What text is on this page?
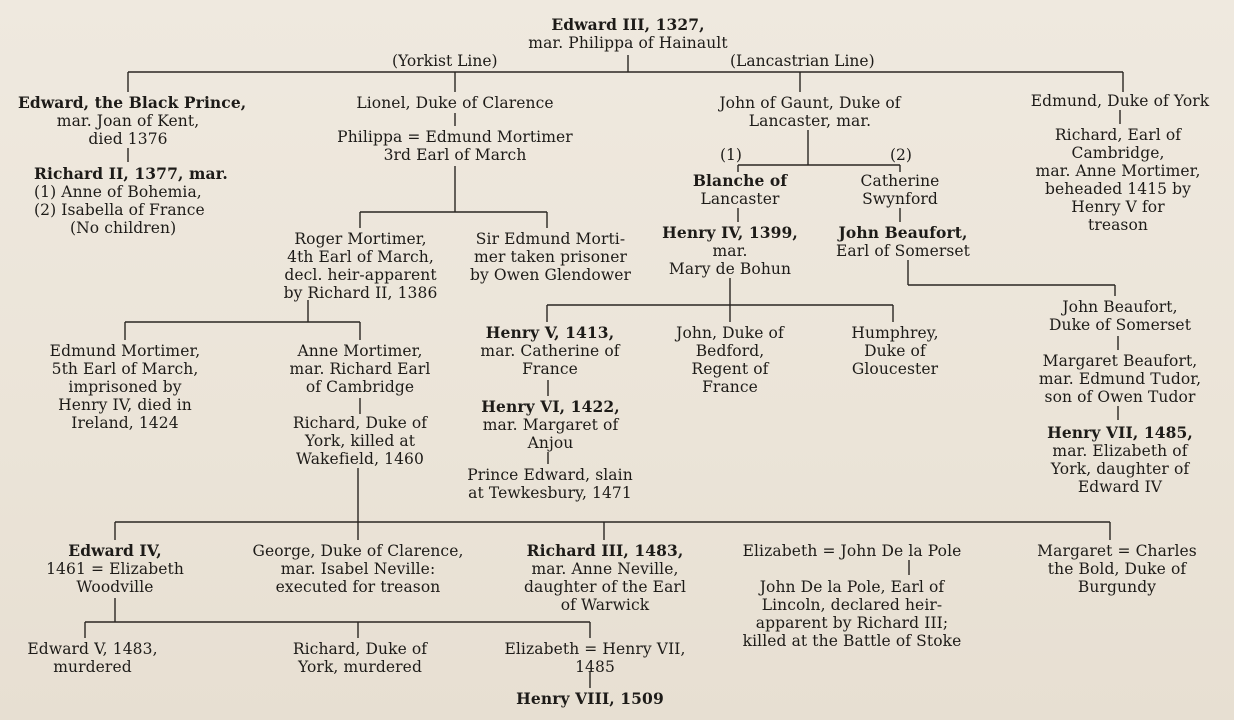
Edward III, 1327,
mar. Philippa of Hainault
(Yorkist Line)	(Lancastrian Line)
Edward, the Black Prince,
mar. Joan of Kent,
died 1376
Richard II, 1377, mar.
(1) Anne of Bohemia,
(2) Isabella of France
(No children)
Lionel, Duke of Clarence
Philippa = Edmund Mortimer
3rd Earl of March
Roger Mortimer,
4th Earl of March,
decl. heir-apparent
by Richard II, 1386
Sir Edmund Morti-
mer taken prisoner
by Owen Glendower
Edmund Mortimer,
5th Earl of March,
imprisoned by
Henry IV, died in
Ireland, 1424
Anne Mortimer,
mar. Richard Earl
of Cambridge
Richard, Duke of
York, killed at
Wakefield, 1460
John of Gaunt, Duke of
Lancaster, mar.
(1)	(2)
Blanche of
Lancaster
Catherine
Swynford
Henry IV, 1399,
mar.
Mary de Bohun
John Beaufort,
Earl of Somerset
Henry V, 1413,
mar. Catherine of
France
John, Duke of
Bedford,
Regent of
France
Humphrey,
Duke of
Gloucester
Henry VI, 1422,
mar. Margaret of
Anjou
Prince Edward, slain
at Tewkesbury, 1471
Edmund, Duke of York
Richard, Earl of
Cambridge,
mar. Anne Mortimer,
beheaded 1415 by
Henry V for
treason
John Beaufort,
Duke of Somerset
Margaret Beaufort,
mar. Edmund Tudor,
son of Owen Tudor
Henry VII, 1485,
mar. Elizabeth of
York, daughter of
Edward IV
Edward IV,
1461 = Elizabeth
Woodville
George, Duke of Clarence,
mar. Isabel Neville:
executed for treason
Richard III, 1483,
mar. Anne Neville,
daughter of the Earl
of Warwick
Elizabeth = John De la Pole
John De la Pole, Earl of
Lincoln, declared heir-
apparent by Richard III;
killed at the Battle of Stoke
Margaret = Charles
the Bold, Duke of
Burgundy
Edward V, 1483,
murdered
Richard, Duke of
York, murdered
Elizabeth = Henry VII,
1485
Henry VIII, 1509
